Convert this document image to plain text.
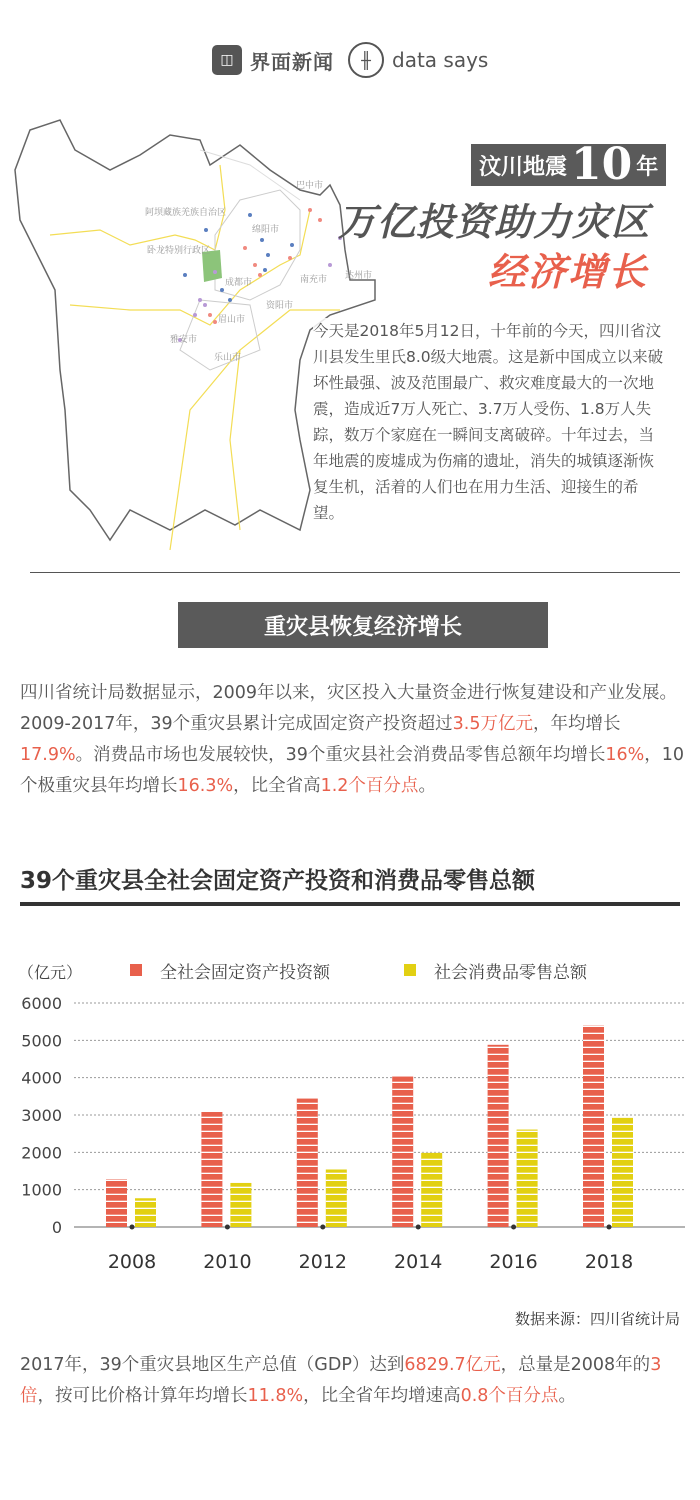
◫ 界面新闻	╫	data says
阿坝藏族羌族自治区
卧龙特别行政区
绵阳市
成都市	南充市 达州市
资阳市
眉山市
雅安市
乐山市
巴中市
汶川地震 10 年
万亿投资助力灾区
经济增长
今天是2018年5月12日，十年前的今天，四川省汶川县发生里氏8.0级大地震。这是新中国成立以来破坏性最强、波及范围最广、救灾难度最大的一次地震，造成近7万人死亡、3.7万人受伤、1.8万人失踪，数万个家庭在一瞬间支离破碎。十年过去，当年地震的废墟成为伤痛的遗址，消失的城镇逐渐恢复生机，活着的人们也在用力生活、迎接生的希望。
重灾县恢复经济增长

四川省统计局数据显示，2009年以来，灾区投入大量资金进行恢复建设和产业发展。2009-2017年，39个重灾县累计完成固定资产投资超过3.5万亿元，年均增长17.9%。消费品市场也发展较快，39个重灾县社会消费品零售总额年均增长16%，10个极重灾县年均增长16.3%，比全省高1.2个百分点。

39个重灾县全社会固定资产投资和消费品零售总额
（亿元）	全社会固定资产投资额	社会消费品零售总额
0
1000
2000
3000
4000
5000
6000
2008 2010 2012 2014 2016 2018
数据来源：四川省统计局

2017年，39个重灾县地区生产总值（GDP）达到6829.7亿元，总量是2008年的3倍，按可比价格计算年均增长11.8%，比全省年均增速高0.8个百分点。
